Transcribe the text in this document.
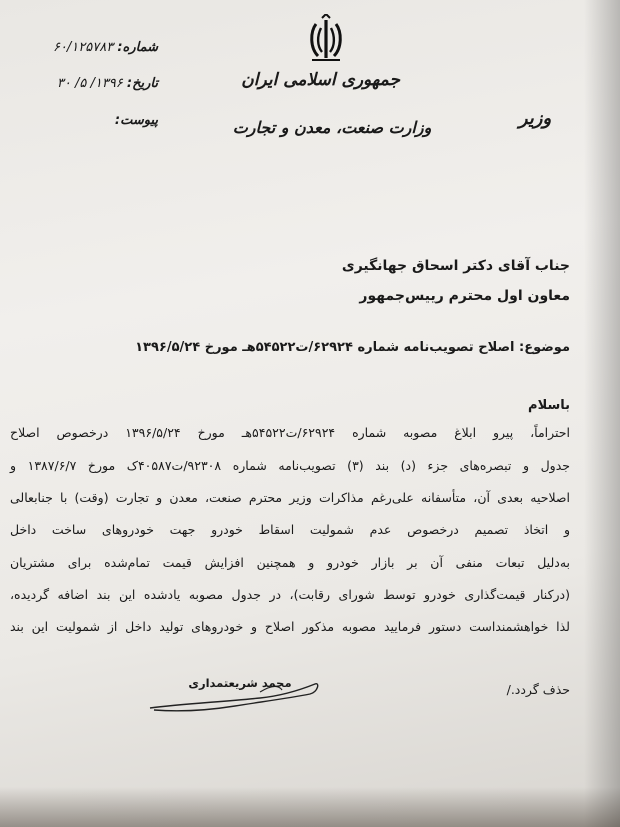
جمهوری اسلامی ایران
وزارت صنعت، معدن و تجارت	وزیر
شماره: ۶۰/۱۲۵۷۸۳
تاریخ: ۱۳۹۶/ ۵/ ۳۰
پیوست:
جناب آقای دکتر اسحاق جهانگیری
معاون اول محترم رییس‌جمهور
موضوع: اصلاح تصویب‌نامه شماره ۶۲۹۲۴/ت۵۴۵۲۲هـ مورخ ۱۳۹۶/۵/۲۴
باسلام
احتراماً، پیرو ابلاغ مصوبه شماره ۶۲۹۲۴/ت۵۴۵۲۲هـ مورخ ۱۳۹۶/۵/۲۴ درخصوص اصلاح
جدول و تبصره‌های جزء (د) بند (۳) تصویب‌نامه شماره ۹۲۳۰۸/ت۴۰۵۸۷ک مورخ ۱۳۸۷/۶/۷ و
اصلاحیه بعدی آن، متأسفانه علی‌رغم مذاکرات وزیر محترم صنعت، معدن و تجارت (وقت) با جنابعالی
و اتخاذ تصمیم درخصوص عدم شمولیت اسقاط خودرو جهت خودروهای ساخت داخل
به‌دلیل تبعات منفی آن بر بازار خودرو و همچنین افزایش قیمت تمام‌شده برای مشتریان
(درکنار قیمت‌گذاری خودرو توسط شورای رقابت)، در جدول مصوبه یادشده این بند اضافه گردیده،
لذا خواهشمنداست دستور فرمایید مصوبه مذکور اصلاح و خودروهای تولید داخل از شمولیت این بند
حذف گردد./
محمد شریعتمداری
